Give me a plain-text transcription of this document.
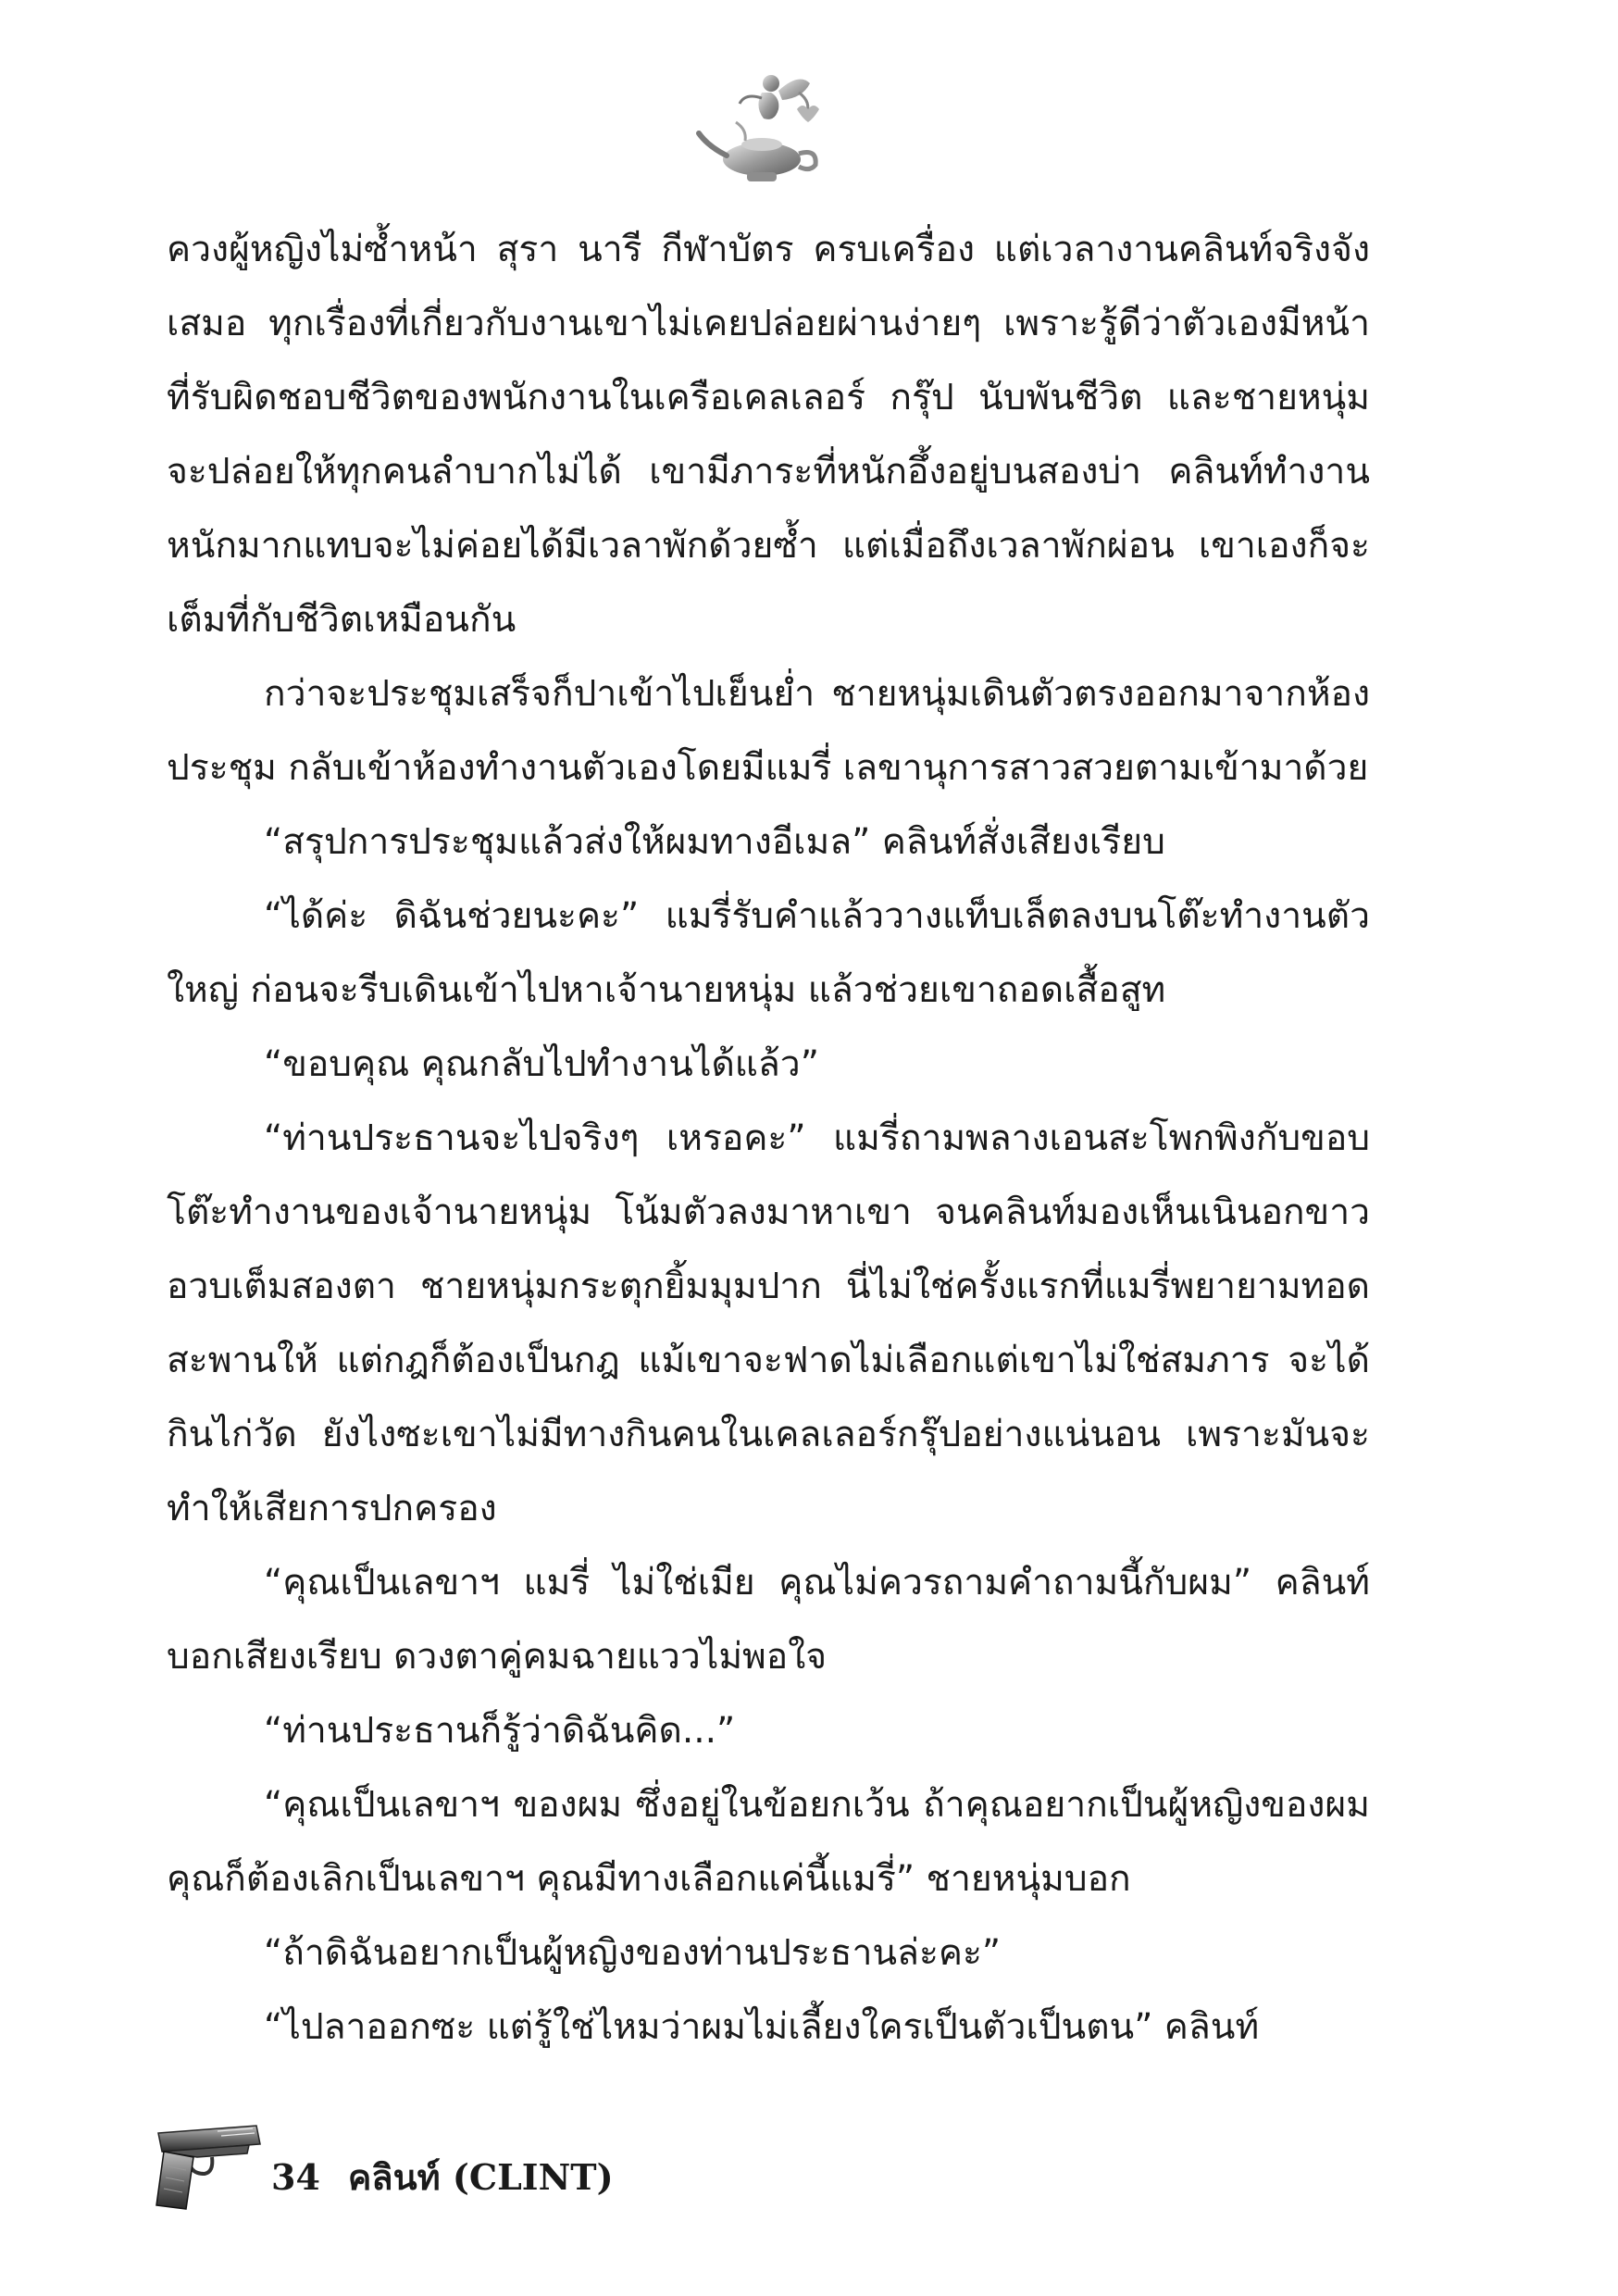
ควงผู้หญิงไม่ซ้ำหน้า สุรา นารี กีฬาบัตร ครบเครื่อง แต่เวลางานคลินท์จริงจังเสมอ ทุกเรื่องที่เกี่ยวกับงานเขาไม่เคยปล่อยผ่านง่ายๆ เพราะรู้ดีว่าตัวเองมีหน้าที่รับผิดชอบชีวิตของพนักงานในเครือเคลเลอร์ กรุ๊ป นับพันชีวิต และชายหนุ่มจะปล่อยให้ทุกคนลำบากไม่ได้ เขามีภาระที่หนักอึ้งอยู่บนสองบ่า คลินท์ทำงานหนักมากแทบจะไม่ค่อยได้มีเวลาพักด้วยซ้ำ แต่เมื่อถึงเวลาพักผ่อน เขาเองก็จะเต็มที่กับชีวิตเหมือนกัน

กว่าจะประชุมเสร็จก็ปาเข้าไปเย็นย่ำ ชายหนุ่มเดินตัวตรงออกมาจากห้องประชุม กลับเข้าห้องทำงานตัวเองโดยมีแมรี่ เลขานุการสาวสวยตามเข้ามาด้วย

“สรุปการประชุมแล้วส่งให้ผมทางอีเมล” คลินท์สั่งเสียงเรียบ

“ได้ค่ะ ดิฉันช่วยนะคะ” แมรี่รับคำแล้ววางแท็บเล็ตลงบนโต๊ะทำงานตัวใหญ่ ก่อนจะรีบเดินเข้าไปหาเจ้านายหนุ่ม แล้วช่วยเขาถอดเสื้อสูท

“ขอบคุณ คุณกลับไปทำงานได้แล้ว”

“ท่านประธานจะไปจริงๆ เหรอคะ” แมรี่ถามพลางเอนสะโพกพิงกับขอบโต๊ะทำงานของเจ้านายหนุ่ม โน้มตัวลงมาหาเขา จนคลินท์มองเห็นเนินอกขาวอวบเต็มสองตา ชายหนุ่มกระตุกยิ้มมุมปาก นี่ไม่ใช่ครั้งแรกที่แมรี่พยายามทอดสะพานให้ แต่กฎก็ต้องเป็นกฎ แม้เขาจะฟาดไม่เลือกแต่เขาไม่ใช่สมภาร จะได้กินไก่วัด ยังไงซะเขาไม่มีทางกินคนในเคลเลอร์กรุ๊ปอย่างแน่นอน เพราะมันจะทำให้เสียการปกครอง

“คุณเป็นเลขาฯ แมรี่ ไม่ใช่เมีย คุณไม่ควรถามคำถามนี้กับผม” คลินท์บอกเสียงเรียบ ดวงตาคู่คมฉายแววไม่พอใจ

“ท่านประธานก็รู้ว่าดิฉันคิด...”

“คุณเป็นเลขาฯ ของผม ซึ่งอยู่ในข้อยกเว้น ถ้าคุณอยากเป็นผู้หญิงของผม คุณก็ต้องเลิกเป็นเลขาฯ คุณมีทางเลือกแค่นี้แมรี่” ชายหนุ่มบอก

“ถ้าดิฉันอยากเป็นผู้หญิงของท่านประธานล่ะคะ”

“ไปลาออกซะ แต่รู้ใช่ไหมว่าผมไม่เลี้ยงใครเป็นตัวเป็นตน” คลินท์

34 คลินท์ (CLINT)
